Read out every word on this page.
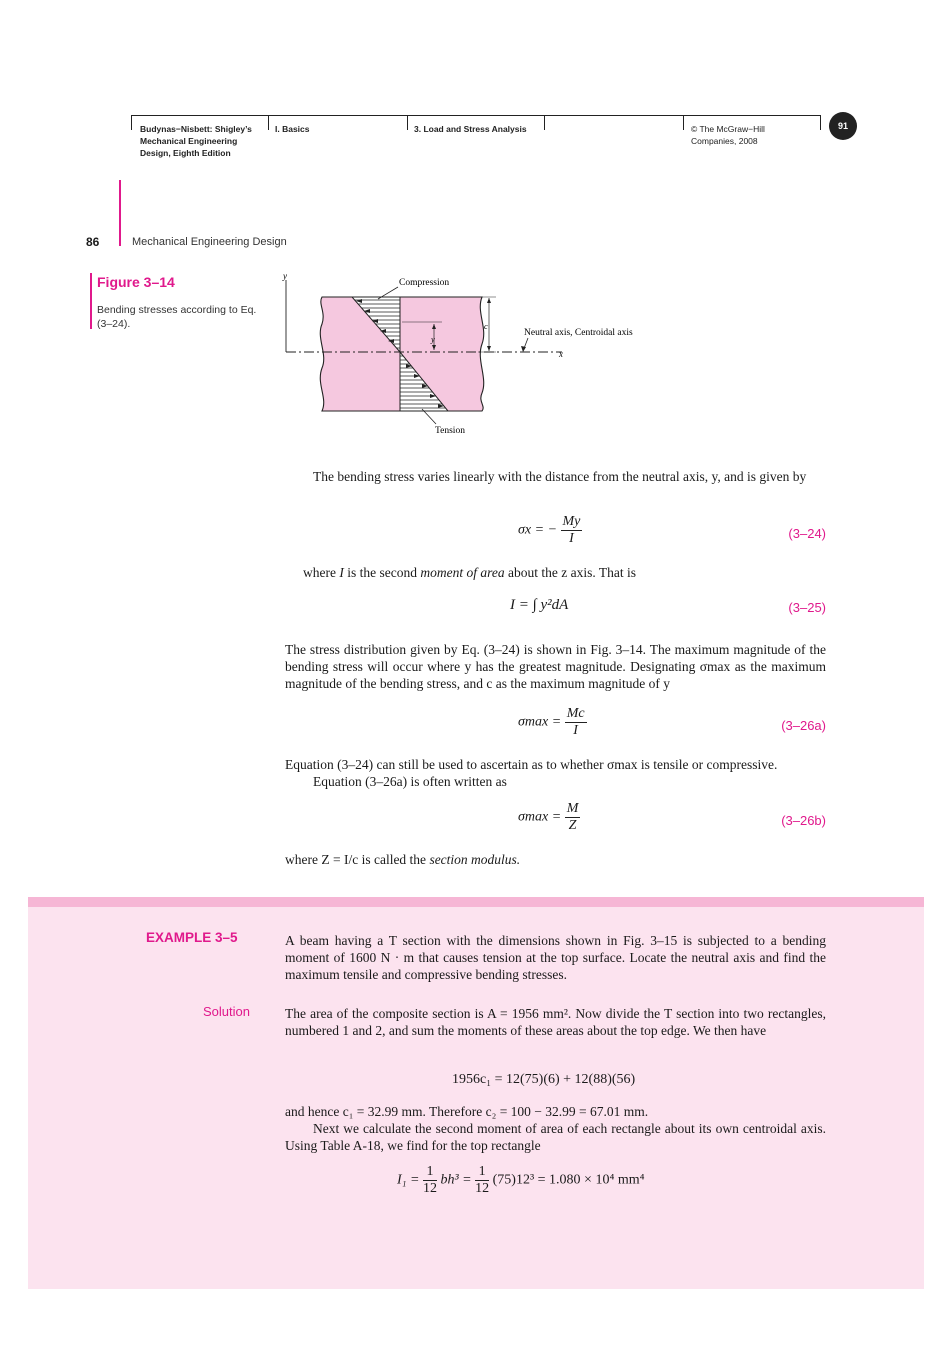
Budynas−Nisbett: Shigley’s
Mechanical Engineering
Design, Eighth Edition
I. Basics	3. Load and Stress Analysis	© The McGraw−Hill
Companies, 2008
91
86	Mechanical Engineering Design
Figure 3–14
Bending stresses according to Eq. (3–24).
y
x
Compression
Tension
y
c
Neutral axis, Centroidal axis
The bending stress varies linearly with the distance from the neutral axis, y, and is given by
σx = − $\frac{My}{I}$	(3–24)
where I is the second moment of area about the z axis. That is
I = ∫ y²dA	(3–25)
The stress distribution given by Eq. (3–24) is shown in Fig. 3–14. The maximum magnitude of the bending stress will occur where y has the greatest magnitude. Designating σmax as the maximum magnitude of the bending stress, and c as the maximum magnitude of y
$\sigma\max = \frac{Mc}{I}$	(3–26a)
Equation (3–24) can still be used to ascertain as to whether σmax is tensile or compressive.
Equation (3–26a) is often written as
$\sigma\max = \frac{M}{Z}$	(3–26b)
where Z = I/c is called the section modulus.
EXAMPLE 3–5	A beam having a T section with the dimensions shown in Fig. 3–15 is subjected to a bending moment of 1600 N · m that causes tension at the top surface. Locate the neutral axis and find the maximum tensile and compressive bending stresses.
Solution	The area of the composite section is A = 1956 mm². Now divide the T section into two rectangles, numbered 1 and 2, and sum the moments of these areas about the top edge. We then have
1956c₁ = 12(75)(6) + 12(88)(56)
and hence c₁ = 32.99 mm. Therefore c₂ = 100 − 32.99 = 67.01 mm.
Next we calculate the second moment of area of each rectangle about its own centroidal axis. Using Table A-18, we find for the top rectangle
$I_1 = \frac{1}{12} bh^3 = \frac{1}{12} (75)12^3 = 1.080 \times 10^4$ mm⁴
